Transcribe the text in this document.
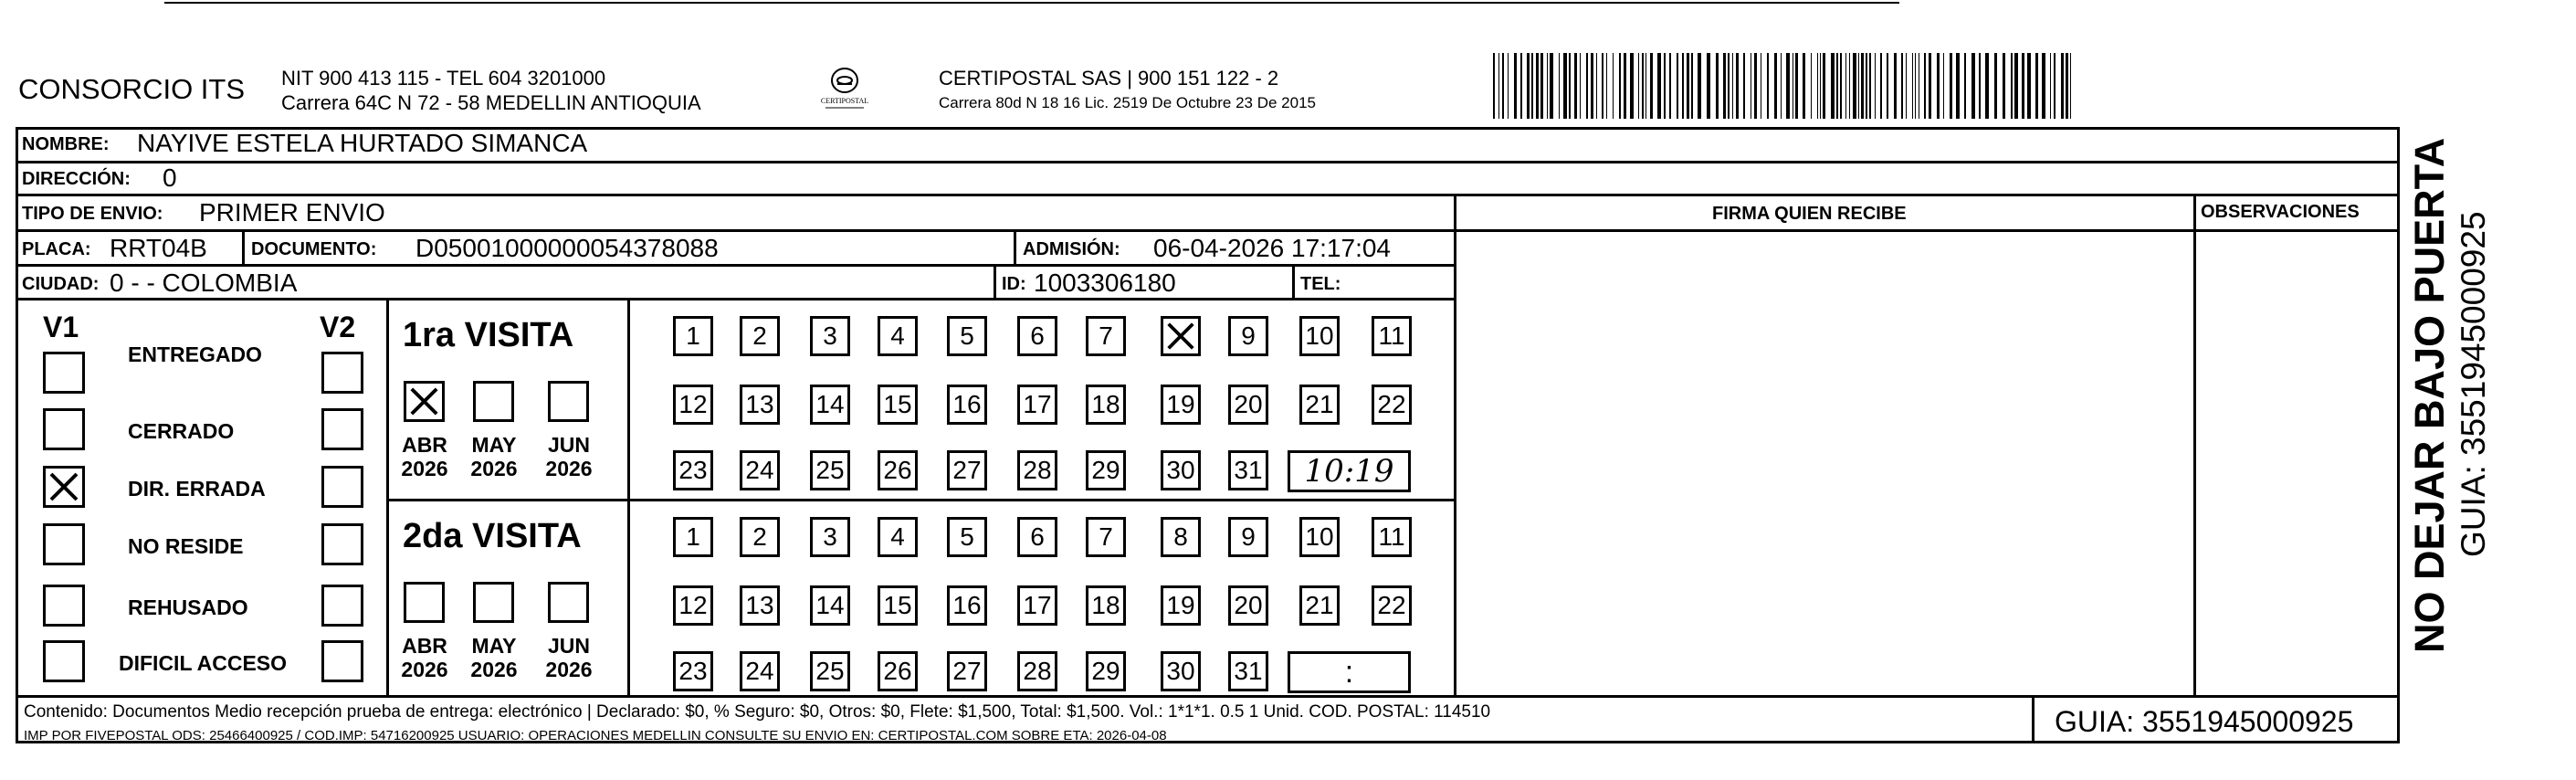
CONSORCIO ITS NIT 900 413 115 - TEL 604 3201000
Carrera 64C N 72 - 58 MEDELLIN ANTIOQUIA	CERTIPOSTAL
CERTIPOSTAL SAS | 900 151 122 - 2
Carrera 80d N 18 16 Lic. 2519 De Octubre 23 De 2015
NOMBRE: NAYIVE ESTELA HURTADO SIMANCA
DIRECCIÓN: 0
TIPO DE ENVIO: PRIMER ENVIO	FIRMA QUIEN RECIBE	OBSERVACIONES
PLACA: RRT04B DOCUMENTO: D05001000000054378088	ADMISIÓN: 06-04-2026 17:17:04
CIUDAD: 0 - - COLOMBIA	ID: 1003306180	TEL:
V1	V2
ENTREGADO
CERRADO
DIR. ERRADA
NO RESIDE
REHUSADO
DIFICIL ACCESO
1ra VISITA
ABR
2026
MAY
2026
JUN
2026
1 2 3 4 5 6 7	9 10 11
12 13 14 15 16 17 18 19 20 21 22
23 24 25 26 27 28 29 30 31 10:19
2da VISITA
ABR
2026
MAY
2026
JUN
2026
1 2 3 4 5 6 7 8 9 10 11
12 13 14 15 16 17 18 19 20 21 22
23 24 25 26 27 28 29 30 31	:
NO DEJAR BAJO PUERTA GUIA: 3551945000925
Contenido: Documentos Medio recepción prueba de entrega: electrónico | Declarado: $0, % Seguro: $0, Otros: $0, Flete: $1,500, Total: $1,500. Vol.: 1*1*1. 0.5 1 Unid. COD. POSTAL: 114510
IMP POR FIVEPOSTAL ODS: 25466400925 / COD.IMP: 54716200925 USUARIO: OPERACIONES MEDELLIN CONSULTE SU ENVIO EN: CERTIPOSTAL.COM SOBRE ETA: 2026-04-08	GUIA: 3551945000925
